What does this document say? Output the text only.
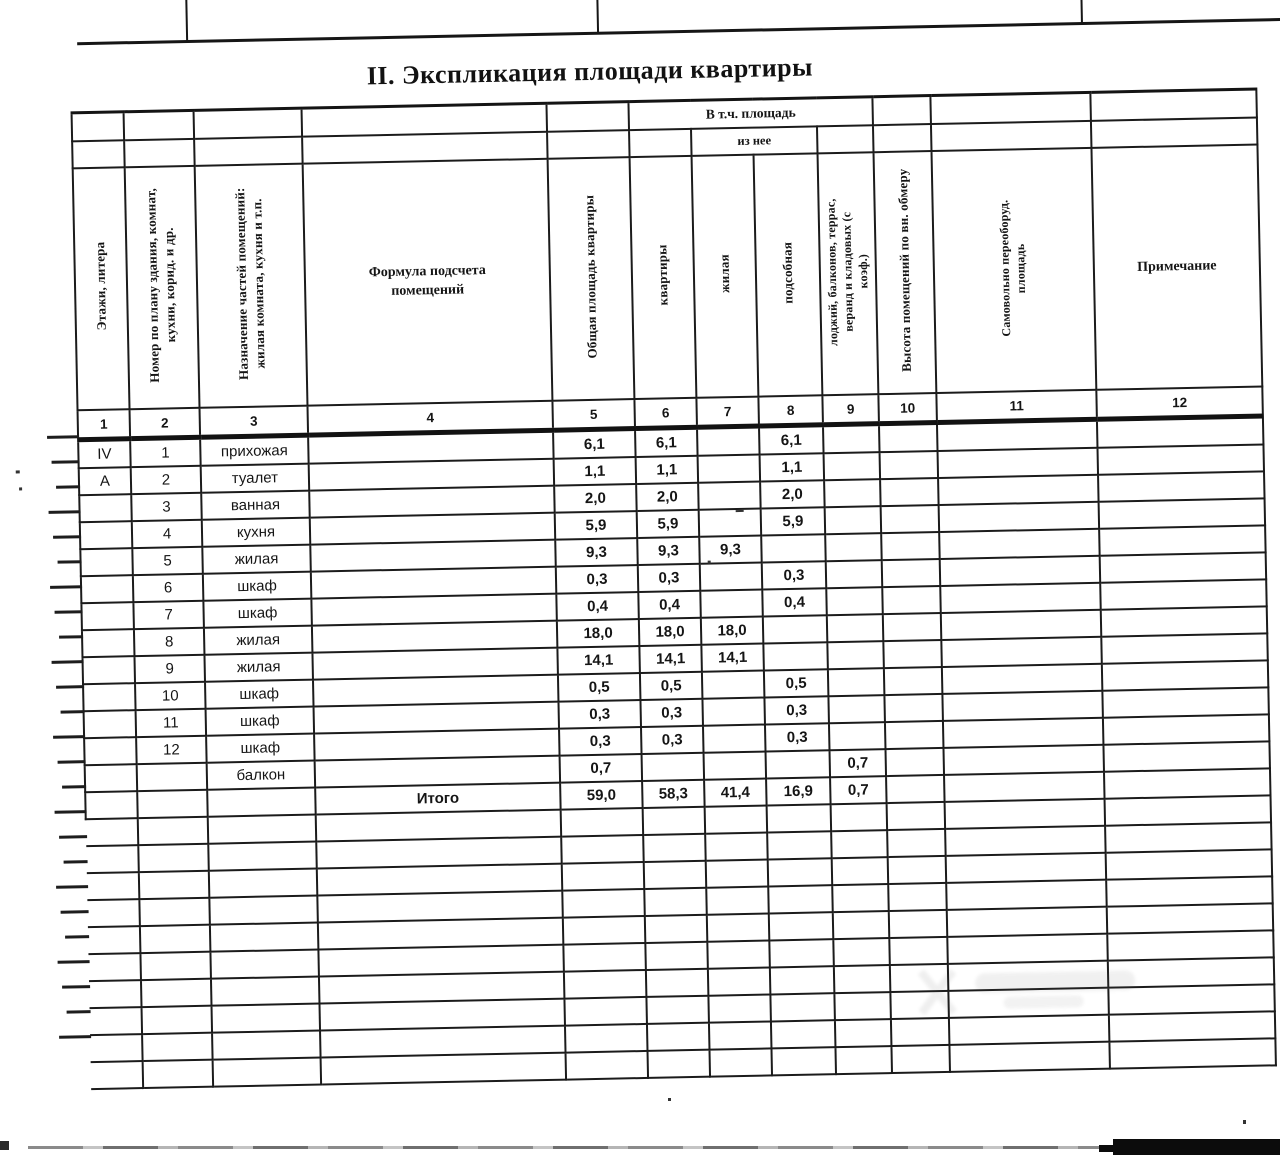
II. Экспликация площади квартиры
					В т.ч. площадь						
						из нее					
Этажи, литера	Номер по плану здания, комнат, кухни, корид. и др.	Назначение частей помещений: жилая комната, кухня и т.п.	Формула подсчета помещений	Общая площадь квартиры	квартиры	жилая	подсобная	лоджий, балконов, террас, веранд и кладовых (с коэф.)	Высота помещений по вн. обмеру	Самовольно переоборуд. площадь	Примечание

1	2	3	4	5	6	7	8	9	10	11	12
IV	1	прихожая		6,1	6,1		6,1				
А	2	туалет		1,1	1,1		1,1				
	3	ванная		2,0	2,0		2,0				
	4	кухня		5,9	5,9		5,9				
	5	жилая		9,3	9,3	9,3					
	6	шкаф		0,3	0,3		0,3				
	7	шкаф		0,4	0,4		0,4				
	8	жилая		18,0	18,0	18,0					
	9	жилая		14,1	14,1	14,1					
	10	шкаф		0,5	0,5		0,5				
	11	шкаф		0,3	0,3		0,3				
	12	шкаф		0,3	0,3		0,3				
		балкон		0,7				0,7			
			Итого	59,0	58,3	41,4	16,9	0,7			
